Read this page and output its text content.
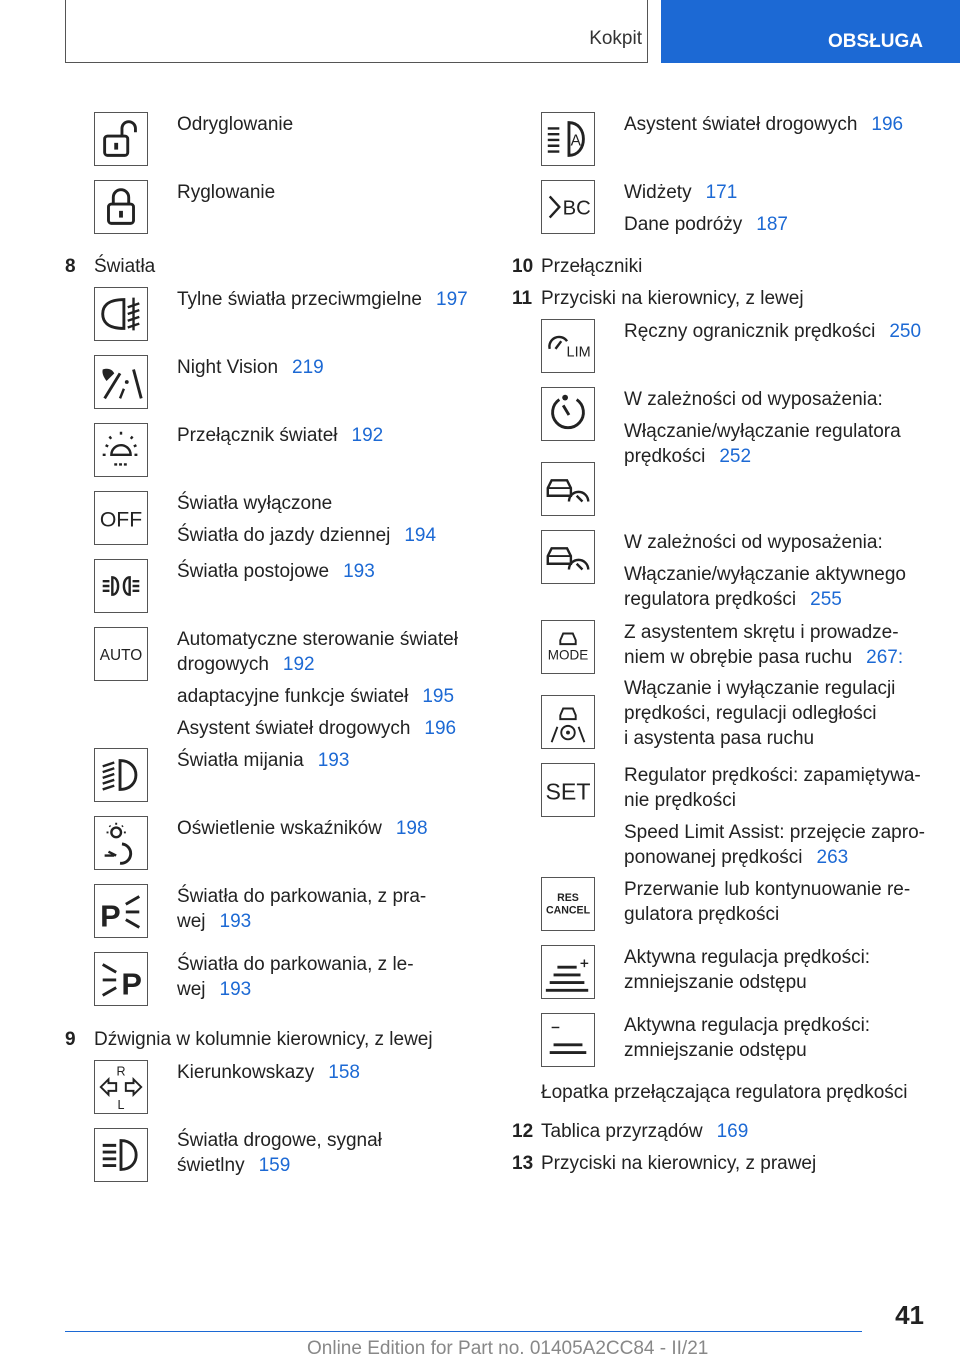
Kokpit	OBSŁUGA
Odryglowanie
Ryglowanie
8 Światła
Tylne światła przeciwmgielne 197
Night Vision 219
Przełącznik świateł 192
OFF
Światła wyłączone
Światła do jazdy dziennej 194
Światła postojowe 193
AUTO
Automatyczne sterowanie świateł
drogowych 192
adaptacyjne funkcje świateł 195
Asystent świateł drogowych 196
Światła mijania 193
Oświetlenie wskaźników 198
P
Światła do parkowania, z pra-
wej 193
P
Światła do parkowania, z le-
wej 193
9 Dźwignia w kolumnie kierownicy, z lewej
R
L
Kierunkowskazy 158
Światła drogowe, sygnał
świetlny 159
A
Asystent świateł drogowych 196
BC
Widżety 171
Dane podróży 187
10 Przełączniki
11 Przyciski na kierownicy, z lewej
LIM
Ręczny ogranicznik prędkości 250
W zależności od wyposażenia:
Włączanie/wyłączanie regulatora
prędkości 252
W zależności od wyposażenia:
Włączanie/wyłączanie aktywnego
regulatora prędkości 255
MODE
Z asystentem skrętu i prowadze-
niem w obrębie pasa ruchu 267:
Włączanie i wyłączanie regulacji
prędkości, regulacji odległości
i asystenta pasa ruchu
SET
Regulator prędkości: zapamiętywa-
nie prędkości
Speed Limit Assist: przejęcie zapro-
ponowanej prędkości 263
RES
CANCEL
Przerwanie lub kontynuowanie re-
gulatora prędkości
Aktywna regulacja prędkości:
zmniejszanie odstępu
Aktywna regulacja prędkości:
zmniejszanie odstępu
Łopatka przełączająca regulatora prędkości
12 Tablica przyrządów 169
13 Przyciski na kierownicy, z prawej
41
Online Edition for Part no. 01405A2CC84 - II/21
